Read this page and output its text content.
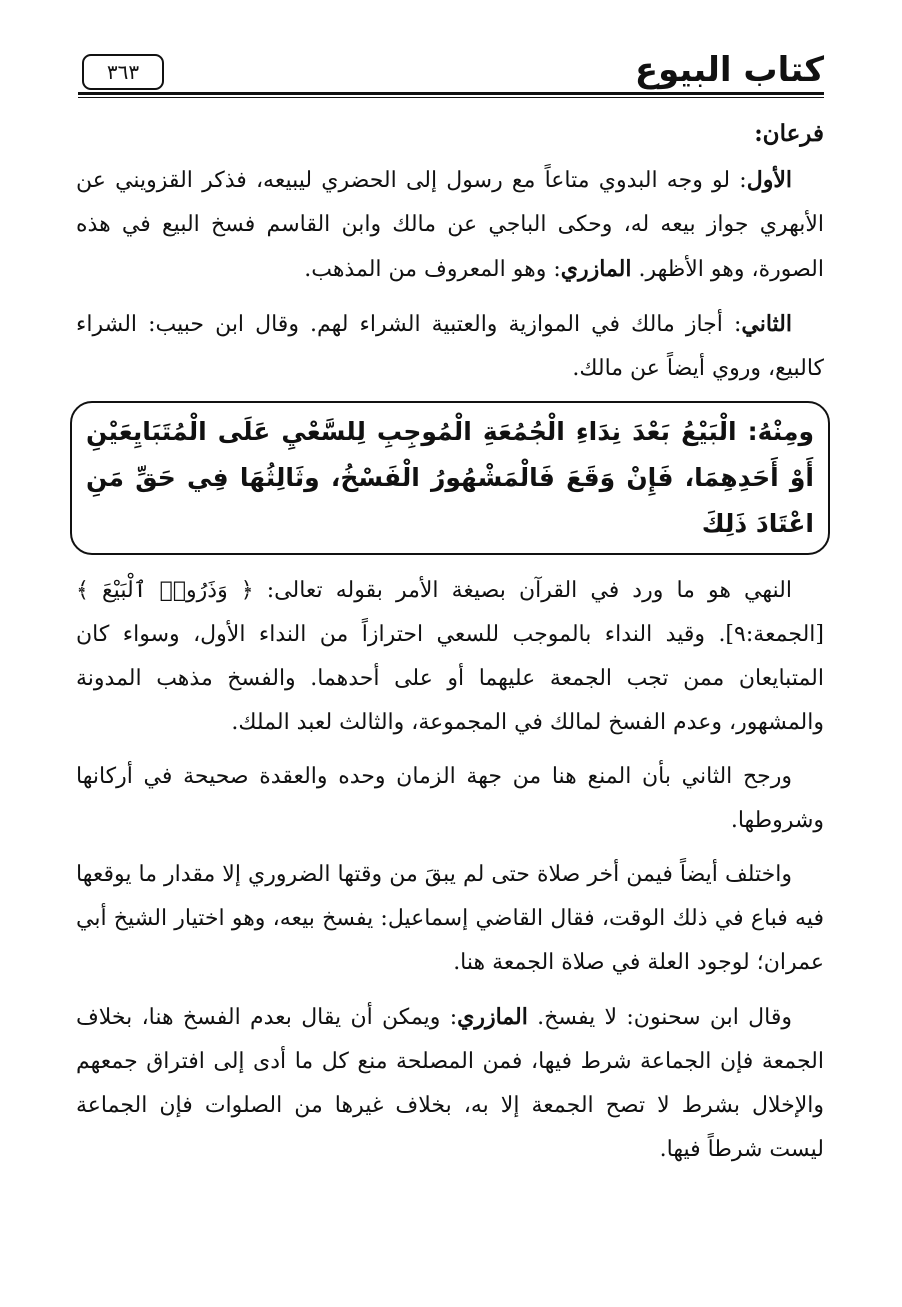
كتاب البيوع
٣٦٣
فرعان:

الأول: لو وجه البدوي متاعاً مع رسول إلى الحضري ليبيعه، فذكر القزويني عن الأبهري جواز بيعه له، وحكى الباجي عن مالك وابن القاسم فسخ البيع في هذه الصورة، وهو الأظهر. المازري: وهو المعروف من المذهب.

الثاني: أجاز مالك في الموازية والعتبية الشراء لهم. وقال ابن حبيب: الشراء كالبيع، وروي أيضاً عن مالك.

ومِنْهُ: الْبَيْعُ بَعْدَ نِدَاءِ الْجُمُعَةِ الْمُوجِبِ لِلسَّعْيِ عَلَى الْمُتَبَايِعَيْنِ أَوْ أَحَدِهِمَا، فَإِنْ وَقَعَ فَالْمَشْهُورُ الْفَسْخُ، وثَالِثُهَا فِي حَقِّ مَنِ اعْتَادَ ذَلِكَ

النهي هو ما ورد في القرآن بصيغة الأمر بقوله تعالى: ﴿ وَذَرُوا۟ ٱلْبَيْعَ ﴾[الجمعة:٩]. وقيد النداء بالموجب للسعي احترازاً من النداء الأول، وسواء كان المتبايعان ممن تجب الجمعة عليهما أو على أحدهما. والفسخ مذهب المدونة والمشهور، وعدم الفسخ لمالك في المجموعة، والثالث لعبد الملك.

ورجح الثاني بأن المنع هنا من جهة الزمان وحده والعقدة صحيحة في أركانها وشروطها.

واختلف أيضاً فيمن أخر صلاة حتى لم يبقَ من وقتها الضروري إلا مقدار ما يوقعها فيه فباع في ذلك الوقت، فقال القاضي إسماعيل: يفسخ بيعه، وهو اختيار الشيخ أبي عمران؛ لوجود العلة في صلاة الجمعة هنا.

وقال ابن سحنون: لا يفسخ. المازري: ويمكن أن يقال بعدم الفسخ هنا، بخلاف الجمعة فإن الجماعة شرط فيها، فمن المصلحة منع كل ما أدى إلى افتراق جمعهم والإخلال بشرط لا تصح الجمعة إلا به، بخلاف غيرها من الصلوات فإن الجماعة ليست شرطاً فيها.
